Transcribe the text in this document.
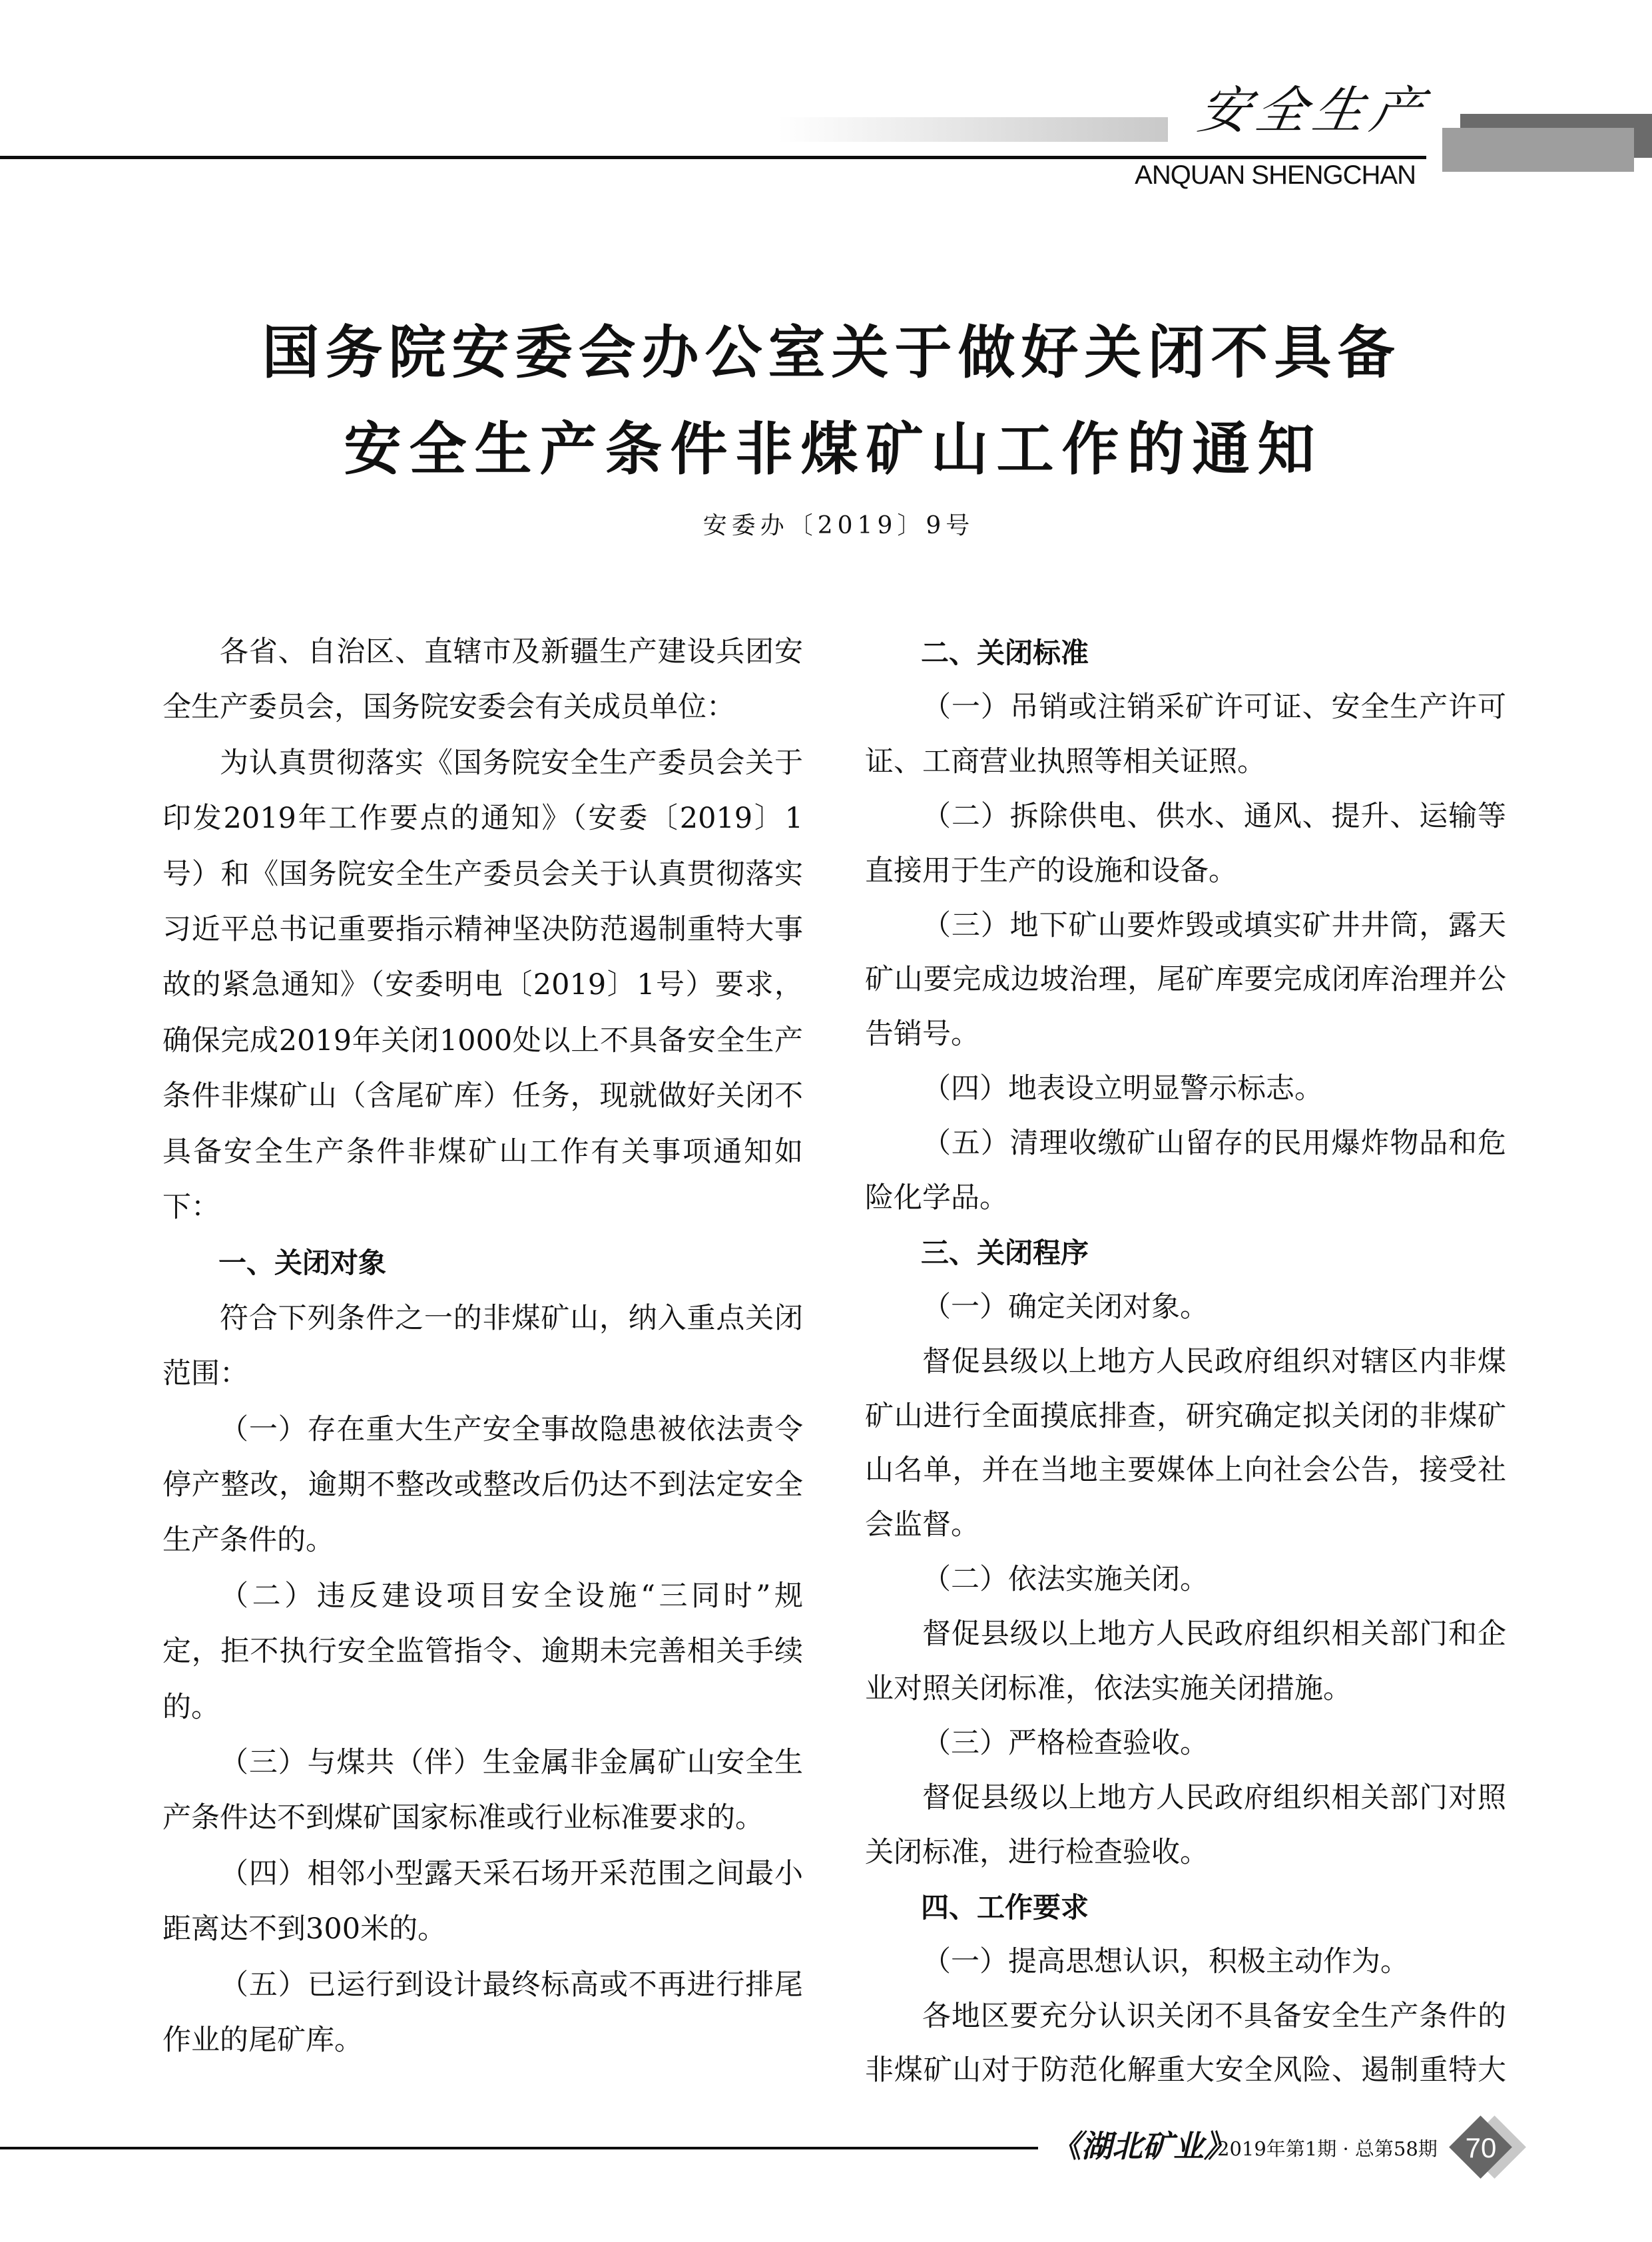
安全生产
ANQUAN SHENGCHAN
国务院安委会办公室关于做好关闭不具备
安全生产条件非煤矿山工作的通知
安委办〔2019〕9号
各省、自治区、直辖市及新疆生产建设兵团安
全生产委员会，国务院安委会有关成员单位：
为认真贯彻落实《国务院安全生产委员会关于
印发2019年工作要点的通知》（安委〔2019〕1
号）和《国务院安全生产委员会关于认真贯彻落实
习近平总书记重要指示精神坚决防范遏制重特大事
故的紧急通知》（安委明电〔2019〕1号）要求，
确保完成2019年关闭1000处以上不具备安全生产
条件非煤矿山（含尾矿库）任务，现就做好关闭不
具备安全生产条件非煤矿山工作有关事项通知如
下：
一、关闭对象
符合下列条件之一的非煤矿山，纳入重点关闭
范围：
（一）存在重大生产安全事故隐患被依法责令
停产整改，逾期不整改或整改后仍达不到法定安全
生产条件的。
（二）违反建设项目安全设施“三同时”规
定，拒不执行安全监管指令、逾期未完善相关手续
的。
（三）与煤共（伴）生金属非金属矿山安全生
产条件达不到煤矿国家标准或行业标准要求的。
（四）相邻小型露天采石场开采范围之间最小
距离达不到300米的。
（五）已运行到设计最终标高或不再进行排尾
作业的尾矿库。
二、关闭标准
（一）吊销或注销采矿许可证、安全生产许可
证、工商营业执照等相关证照。
（二）拆除供电、供水、通风、提升、运输等
直接用于生产的设施和设备。
（三）地下矿山要炸毁或填实矿井井筒，露天
矿山要完成边坡治理，尾矿库要完成闭库治理并公
告销号。
（四）地表设立明显警示标志。
（五）清理收缴矿山留存的民用爆炸物品和危
险化学品。
三、关闭程序
（一）确定关闭对象。
督促县级以上地方人民政府组织对辖区内非煤
矿山进行全面摸底排查，研究确定拟关闭的非煤矿
山名单，并在当地主要媒体上向社会公告，接受社
会监督。
（二）依法实施关闭。
督促县级以上地方人民政府组织相关部门和企
业对照关闭标准，依法实施关闭措施。
（三）严格检查验收。
督促县级以上地方人民政府组织相关部门对照
关闭标准，进行检查验收。
四、工作要求
（一）提高思想认识，积极主动作为。
各地区要充分认识关闭不具备安全生产条件的
非煤矿山对于防范化解重大安全风险、遏制重特大
《湖北矿业》
2019年第1期 · 总第58期 70
